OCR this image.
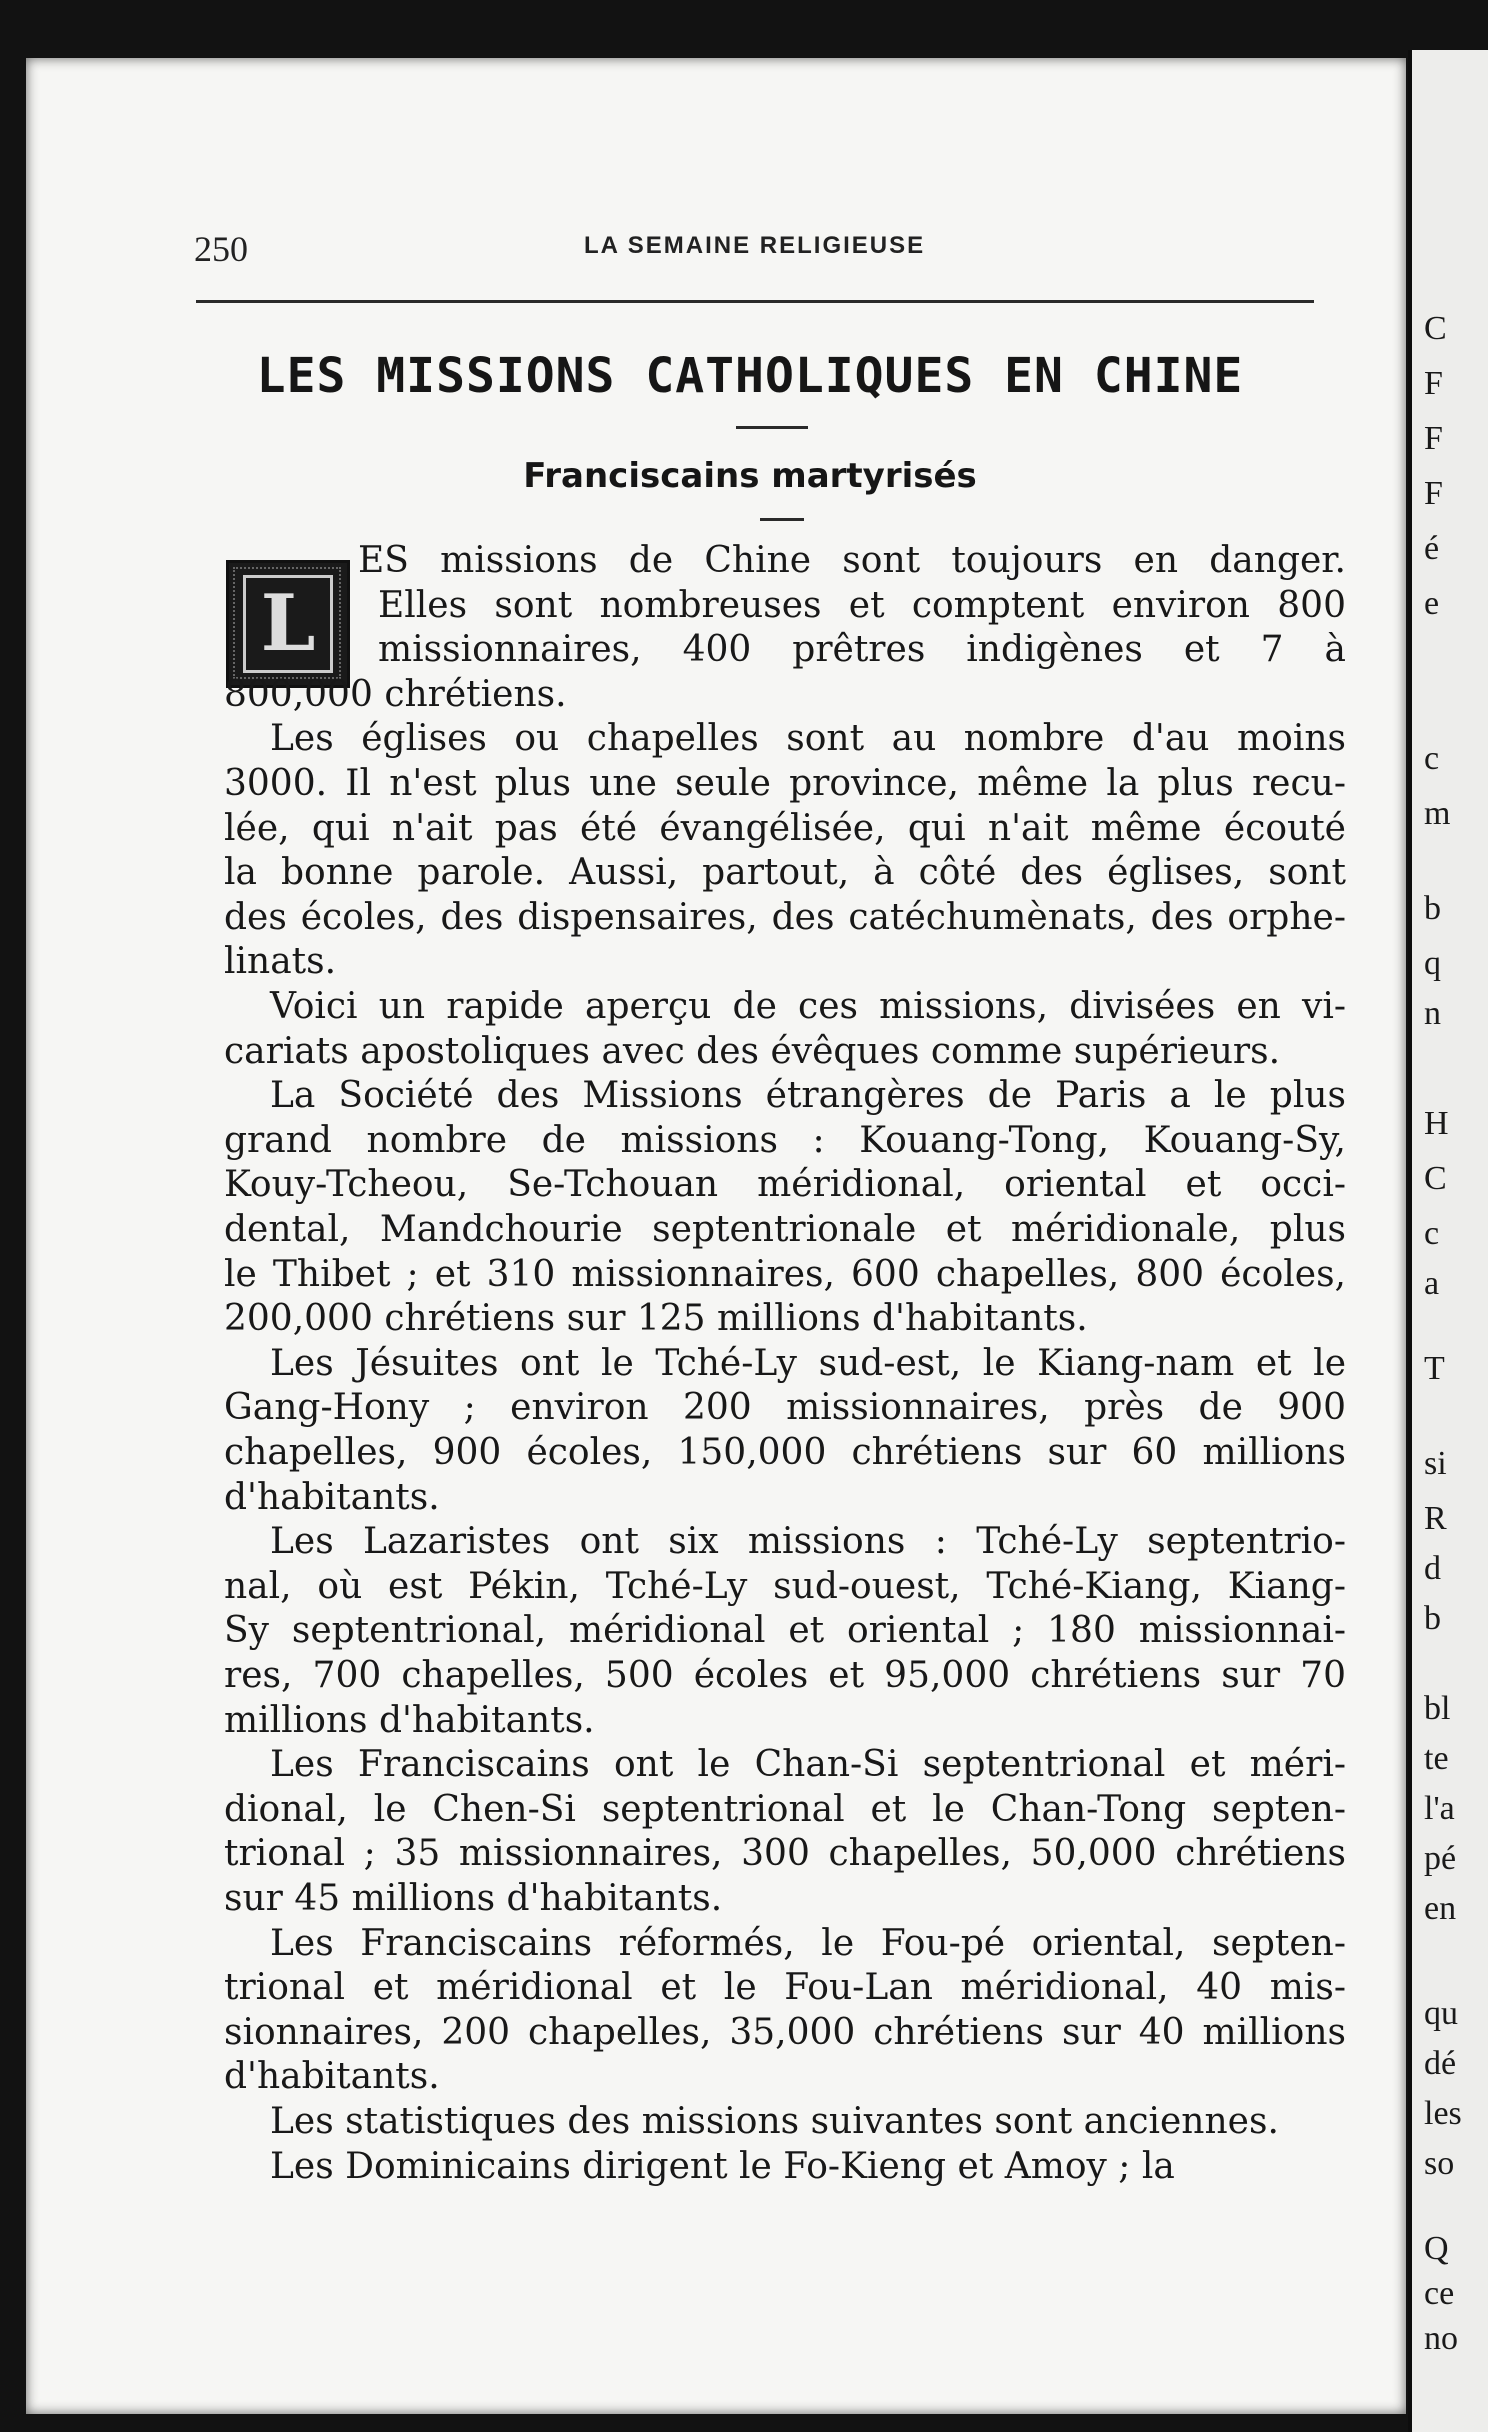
C
F
F
F
é
e
c
m
b
q
n
H
C
c
a
T
si
R
d
b
bl
te
l'a
pé
en
qu
dé
les
so
Q
ce
no
250	LA SEMAINE RELIGIEUSE
LES MISSIONS CATHOLIQUES EN CHINE
Franciscains martyrisés
L
ES missions de Chine sont toujours en danger.
Elles sont nombreuses et comptent environ 800
missionnaires, 400 prêtres indigènes et 7 à
800,000 chrétiens.
Les églises ou chapelles sont au nombre d'au moins
3000. Il n'est plus une seule province, même la plus recu-
lée, qui n'ait pas été évangélisée, qui n'ait même écouté
la bonne parole. Aussi, partout, à côté des églises, sont
des écoles, des dispensaires, des catéchumènats, des orphe-
linats.
Voici un rapide aperçu de ces missions, divisées en vi-
cariats apostoliques avec des évêques comme supérieurs.
La Société des Missions étrangères de Paris a le plus
grand nombre de missions : Kouang-Tong, Kouang-Sy,
Kouy-Tcheou, Se-Tchouan méridional, oriental et occi-
dental, Mandchourie septentrionale et méridionale, plus
le Thibet ; et 310 missionnaires, 600 chapelles, 800 écoles,
200,000 chrétiens sur 125 millions d'habitants.
Les Jésuites ont le Tché-Ly sud-est, le Kiang-nam et le
Gang-Hony ; environ 200 missionnaires, près de 900
chapelles, 900 écoles, 150,000 chrétiens sur 60 millions
d'habitants.
Les Lazaristes ont six missions : Tché-Ly septentrio-
nal, où est Pékin, Tché-Ly sud-ouest, Tché-Kiang, Kiang-
Sy septentrional, méridional et oriental ; 180 missionnai-
res, 700 chapelles, 500 écoles et 95,000 chrétiens sur 70
millions d'habitants.
Les Franciscains ont le Chan-Si septentrional et méri-
dional, le Chen-Si septentrional et le Chan-Tong septen-
trional ; 35 missionnaires, 300 chapelles, 50,000 chrétiens
sur 45 millions d'habitants.
Les Franciscains réformés, le Fou-pé oriental, septen-
trional et méridional et le Fou-Lan méridional, 40 mis-
sionnaires, 200 chapelles, 35,000 chrétiens sur 40 millions
d'habitants.
Les statistiques des missions suivantes sont anciennes.
Les Dominicains dirigent le Fo-Kieng et Amoy ; la
